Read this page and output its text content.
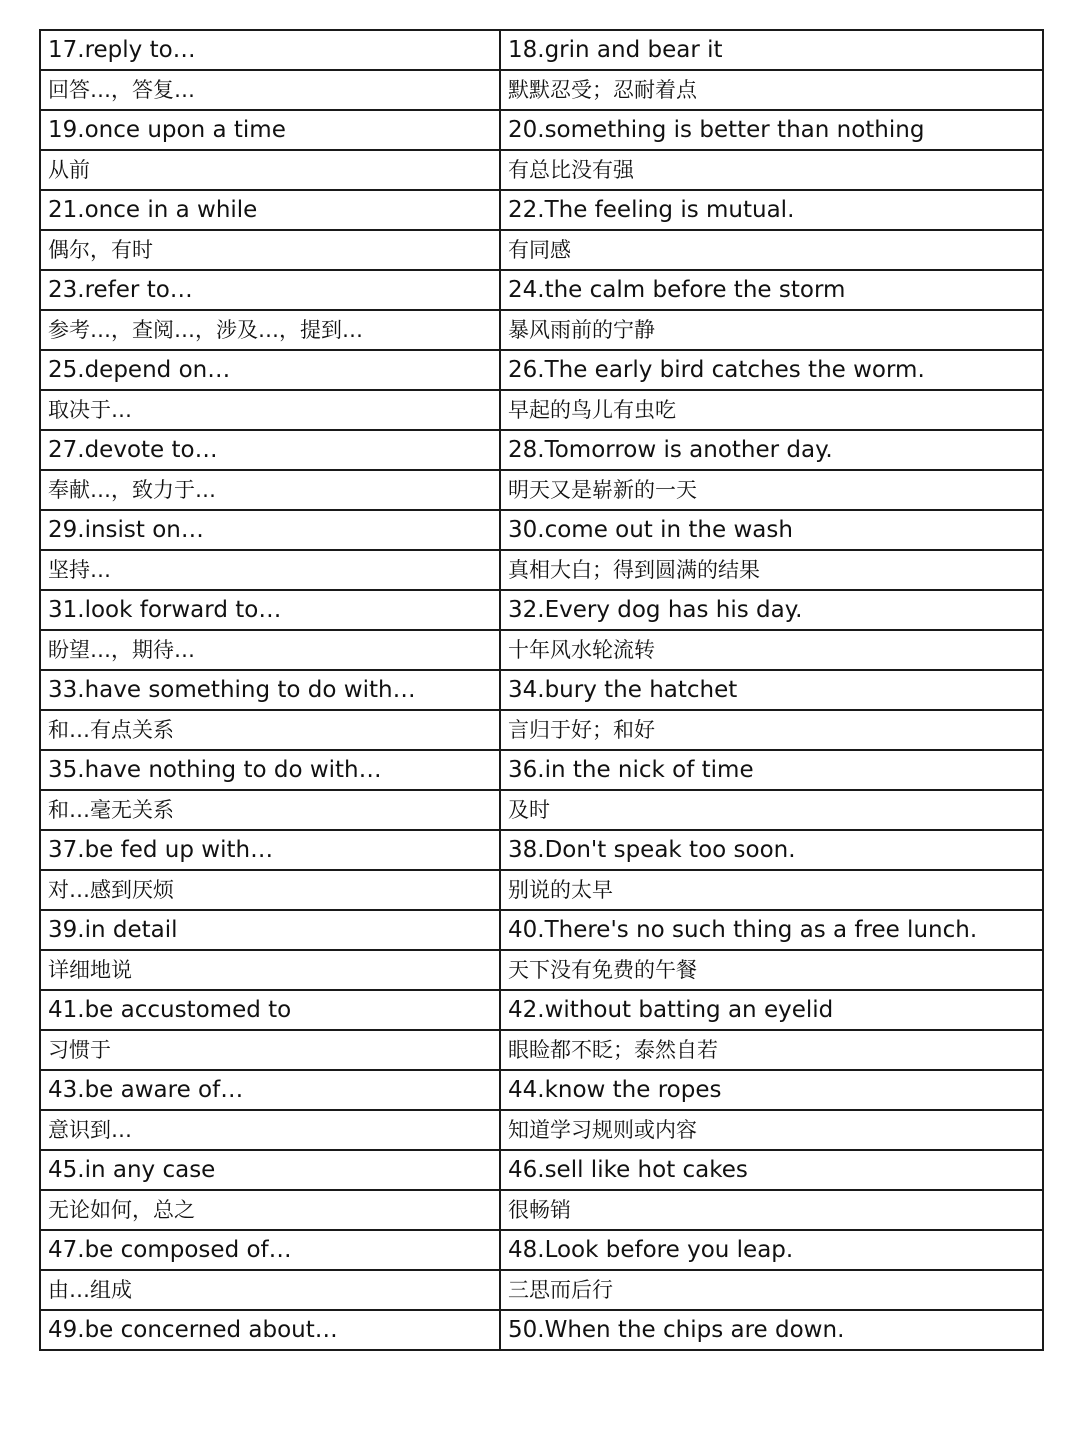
17.reply to…	18.grin and bear it
回答…，答复…	默默忍受；忍耐着点
19.once upon a time	20.something is better than nothing
从前	有总比没有强
21.once in a while	22.The feeling is mutual.
偶尔，有时	有同感
23.refer to…	24.the calm before the storm
参考…，查阅…，涉及…，提到…	暴风雨前的宁静
25.depend on…	26.The early bird catches the worm.
取决于…	早起的鸟儿有虫吃
27.devote to…	28.Tomorrow is another day.
奉献…，致力于…	明天又是崭新的一天
29.insist on…	30.come out in the wash
坚持…	真相大白；得到圆满的结果
31.look forward to…	32.Every dog has his day.
盼望…，期待…	十年风水轮流转
33.have something to do with…	34.bury the hatchet
和…有点关系	言归于好；和好
35.have nothing to do with…	36.in the nick of time
和…毫无关系	及时
37.be fed up with…	38.Don't speak too soon.
对…感到厌烦	别说的太早
39.in detail	40.There's no such thing as a free lunch.
详细地说	天下没有免费的午餐
41.be accustomed to	42.without batting an eyelid
习惯于	眼睑都不眨；泰然自若
43.be aware of…	44.know the ropes
意识到…	知道学习规则或内容
45.in any case	46.sell like hot cakes
无论如何，总之	很畅销
47.be composed of…	48.Look before you leap.
由…组成	三思而后行
49.be concerned about…	50.When the chips are down.
